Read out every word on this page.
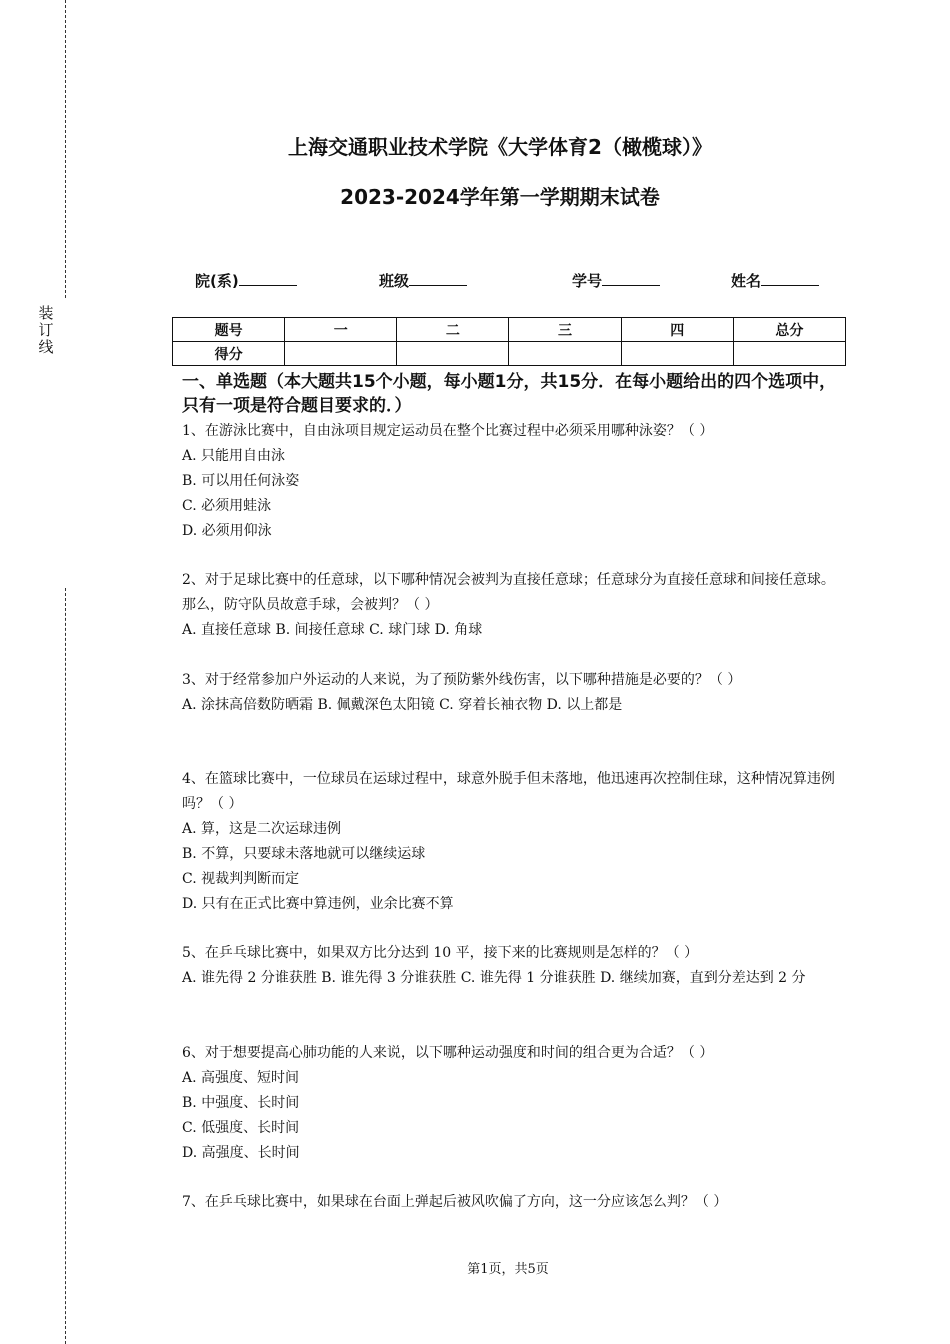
装订线
上海交通职业技术学院《大学体育2（橄榄球）》
2023-2024学年第一学期期末试卷
院(系)	班级	学号	姓名
题号	一	二	三	四	总分
得分					
一、单选题（本大题共15个小题，每小题1分，共15分．在每小题给出的四个选项中，只有一项是符合题目要求的．）

1、在游泳比赛中，自由泳项目规定运动员在整个比赛过程中必须采用哪种泳姿？（ ）

A. 只能用自由泳

B. 可以用任何泳姿

C. 必须用蛙泳

D. 必须用仰泳

2、对于足球比赛中的任意球，以下哪种情况会被判为直接任意球；任意球分为直接任意球和间接任意球。那么，防守队员故意手球，会被判？（ ）

A. 直接任意球 B. 间接任意球 C. 球门球 D. 角球

3、对于经常参加户外运动的人来说，为了预防紫外线伤害，以下哪种措施是必要的？（ ）

A. 涂抹高倍数防晒霜 B. 佩戴深色太阳镜 C. 穿着长袖衣物 D. 以上都是

4、在篮球比赛中，一位球员在运球过程中，球意外脱手但未落地，他迅速再次控制住球，这种情况算违例吗？（ ）

A. 算，这是二次运球违例

B. 不算，只要球未落地就可以继续运球

C. 视裁判判断而定

D. 只有在正式比赛中算违例，业余比赛不算

5、在乒乓球比赛中，如果双方比分达到 10 平，接下来的比赛规则是怎样的？（ ）

A. 谁先得 2 分谁获胜 B. 谁先得 3 分谁获胜 C. 谁先得 1 分谁获胜 D. 继续加赛，直到分差达到 2 分

6、对于想要提高心肺功能的人来说，以下哪种运动强度和时间的组合更为合适？（ ）

A. 高强度、短时间

B. 中强度、长时间

C. 低强度、长时间

D. 高强度、长时间

7、在乒乓球比赛中，如果球在台面上弹起后被风吹偏了方向，这一分应该怎么判？（ ）

第1页，共5页
